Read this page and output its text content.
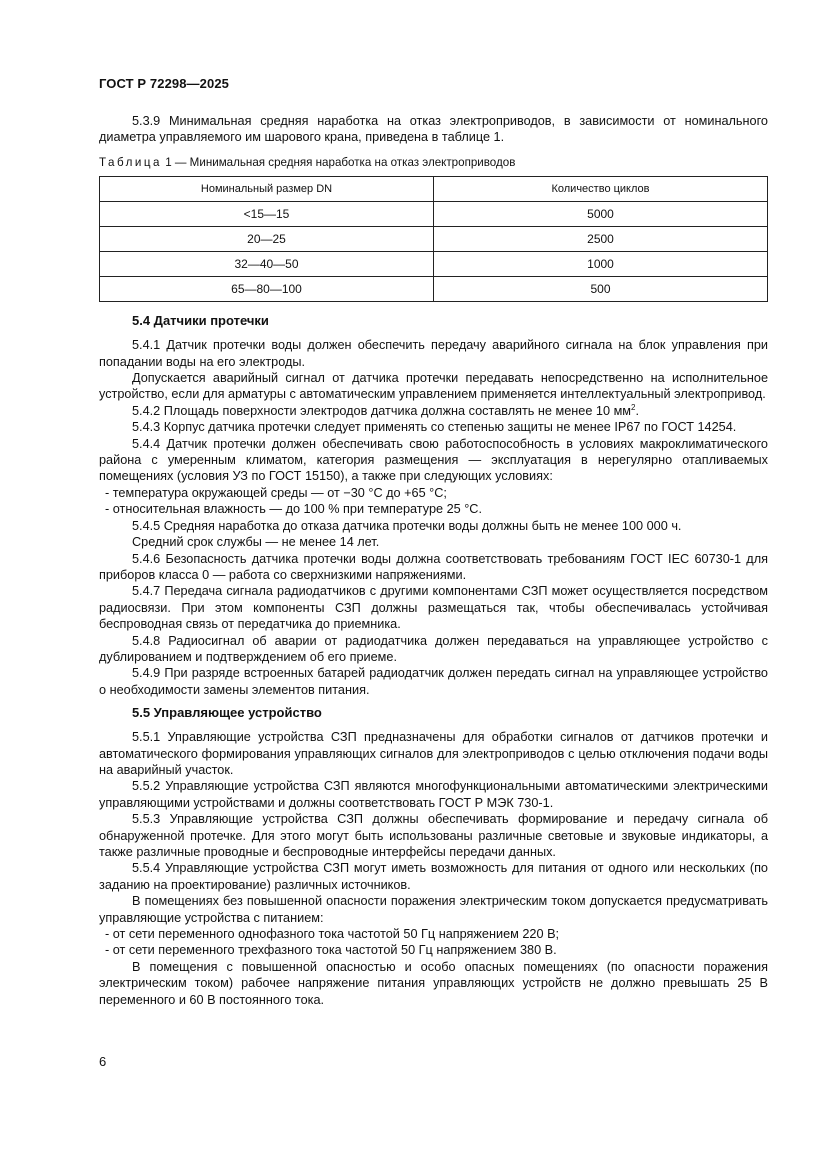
ГОСТ Р 72298—2025

5.3.9 Минимальная средняя наработка на отказ электроприводов, в зависимости от номинального диаметра управляемого им шарового крана, приведена в таблице 1.

Таблица 1 — Минимальная средняя наработка на отказ электроприводов

Номинальный размер DN	Количество циклов
<15—15	5000
20—25	2500
32—40—50	1000
65—80—100	500
5.4 Датчики протечки

5.4.1 Датчик протечки воды должен обеспечить передачу аварийного сигнала на блок управления при попадании воды на его электроды.

Допускается аварийный сигнал от датчика протечки передавать непосредственно на исполнительное устройство, если для арматуры с автоматическим управлением применяется интеллектуальный электропривод.

5.4.2 Площадь поверхности электродов датчика должна составлять не менее 10 $мм^2$.

5.4.3 Корпус датчика протечки следует применять со степенью защиты не менее IP67 по ГОСТ 14254.

5.4.4 Датчик протечки должен обеспечивать свою работоспособность в условиях макроклиматического района с умеренным климатом, категория размещения — эксплуатация в нерегулярно отапливаемых помещениях (условия УЗ по ГОСТ 15150), а также при следующих условиях:

- температура окружающей среды — от −30 °С до +65 °С;

- относительная влажность — до 100 % при температуре 25 °С.

5.4.5 Средняя наработка до отказа датчика протечки воды должны быть не менее 100 000 ч.

Средний срок службы — не менее 14 лет.

5.4.6 Безопасность датчика протечки воды должна соответствовать требованиям ГОСТ IEC 60730-1 для приборов класса 0 — работа со сверхнизкими напряжениями.

5.4.7 Передача сигнала радиодатчиков с другими компонентами СЗП может осуществляется посредством радиосвязи. При этом компоненты СЗП должны размещаться так, чтобы обеспечивалась устойчивая беспроводная связь от передатчика до приемника.

5.4.8 Радиосигнал об аварии от радиодатчика должен передаваться на управляющее устройство с дублированием и подтверждением об его приеме.

5.4.9 При разряде встроенных батарей радиодатчик должен передать сигнал на управляющее устройство о необходимости замены элементов питания.

5.5 Управляющее устройство

5.5.1 Управляющие устройства СЗП предназначены для обработки сигналов от датчиков протечки и автоматического формирования управляющих сигналов для электроприводов с целью отключения подачи воды на аварийный участок.

5.5.2 Управляющие устройства СЗП являются многофункциональными автоматическими электрическими управляющими устройствами и должны соответствовать ГОСТ Р МЭК 730-1.

5.5.3 Управляющие устройства СЗП должны обеспечивать формирование и передачу сигнала об обнаруженной протечке. Для этого могут быть использованы различные световые и звуковые индикаторы, а также различные проводные и беспроводные интерфейсы передачи данных.

5.5.4 Управляющие устройства СЗП могут иметь возможность для питания от одного или нескольких (по заданию на проектирование) различных источников.

В помещениях без повышенной опасности поражения электрическим током допускается предусматривать управляющие устройства с питанием:

- от сети переменного однофазного тока частотой 50 Гц напряжением 220 В;

- от сети переменного трехфазного тока частотой 50 Гц напряжением 380 В.

В помещения с повышенной опасностью и особо опасных помещениях (по опасности поражения электрическим током) рабочее напряжение питания управляющих устройств не должно превышать 25 В переменного и 60 В постоянного тока.

6
